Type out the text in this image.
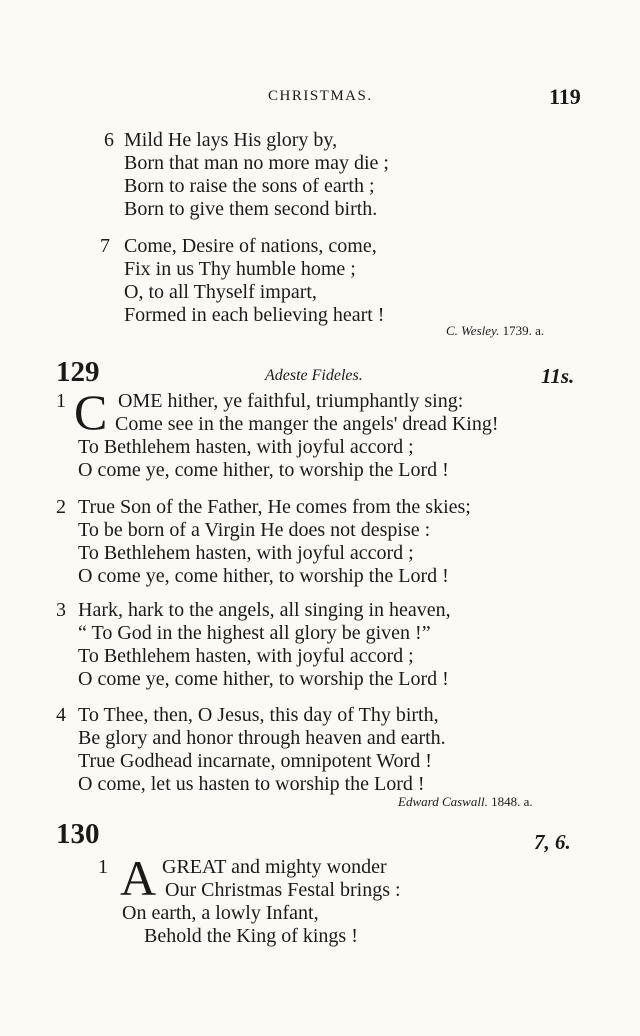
CHRISTMAS.	119
6 Mild He lays His glory by,
Born that man no more may die ;
Born to raise the sons of earth ;
Born to give them second birth.
7 Come, Desire of nations, come,
Fix in us Thy humble home ;
O, to all Thyself impart,
Formed in each believing heart !
C. Wesley. 1739. a.
129	Adeste Fideles.	11s.
1 C OME hither, ye faithful, triumphantly sing:
Come see in the manger the angels' dread King!
To Bethlehem hasten, with joyful accord ;
O come ye, come hither, to worship the Lord !
2 True Son of the Father, He comes from the skies;
To be born of a Virgin He does not despise :
To Bethlehem hasten, with joyful accord ;
O come ye, come hither, to worship the Lord !
3 Hark, hark to the angels, all singing in heaven,
“ To God in the highest all glory be given !”
To Bethlehem hasten, with joyful accord ;
O come ye, come hither, to worship the Lord !
4 To Thee, then, O Jesus, this day of Thy birth,
Be glory and honor through heaven and earth.
True Godhead incarnate, omnipotent Word !
O come, let us hasten to worship the Lord !
Edward Caswall. 1848. a.
130	7, 6.
1 A GREAT and mighty wonder
Our Christmas Festal brings :
On earth, a lowly Infant,
Behold the King of kings !
